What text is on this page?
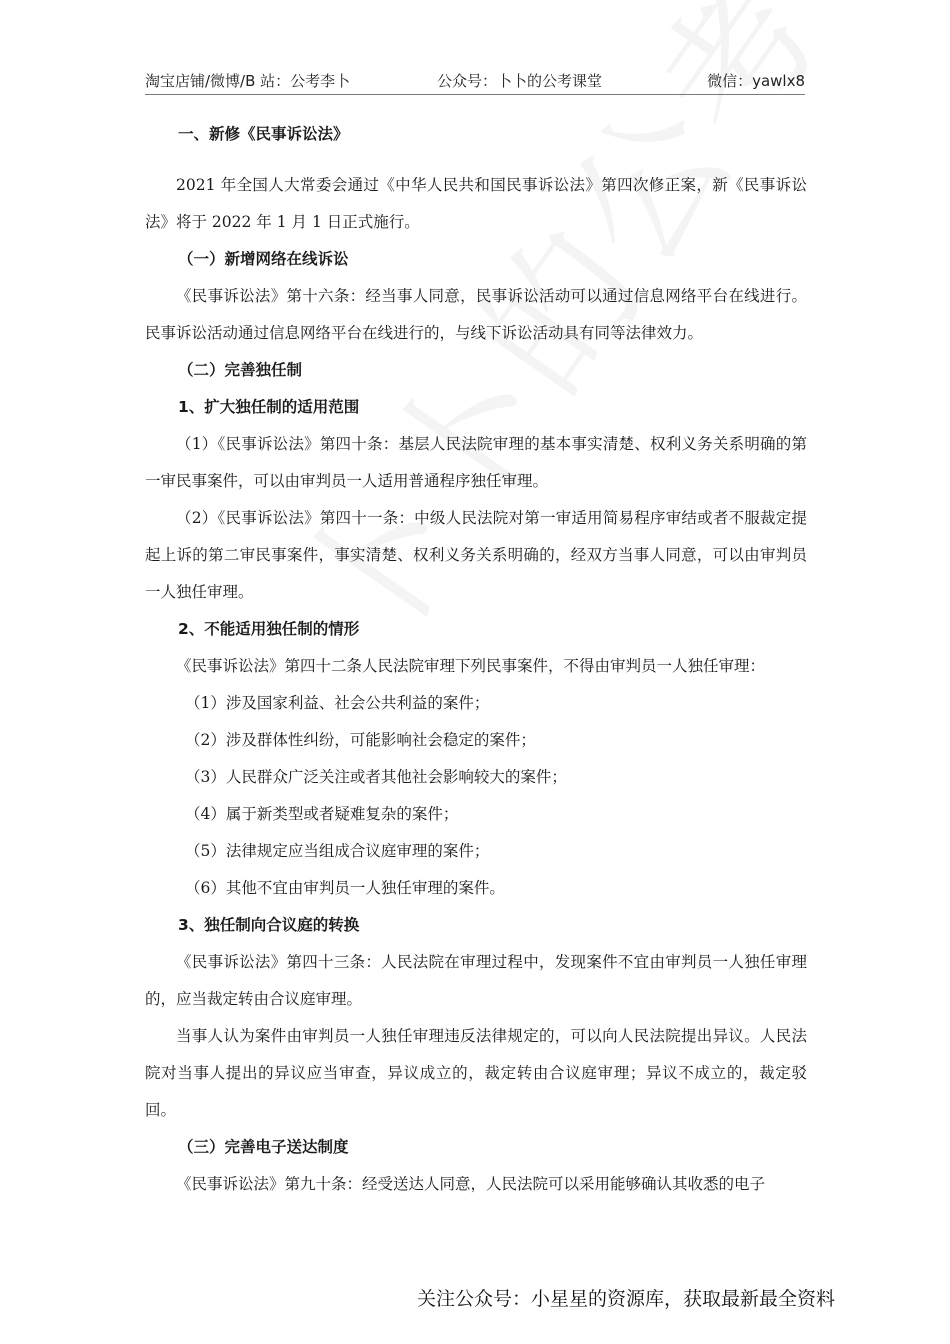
淘宝店铺/微博/B 站：公考李卜	公众号：卜卜的公考课堂	微信：yawlx8

一、新修《民事诉讼法》

2021 年全国人大常委会通过《中华人民共和国民事诉讼法》第四次修正案，新《民事诉讼法》将于 2022 年 1 月 1 日正式施行。

（一）新增网络在线诉讼

《民事诉讼法》第十六条：经当事人同意，民事诉讼活动可以通过信息网络平台在线进行。民事诉讼活动通过信息网络平台在线进行的，与线下诉讼活动具有同等法律效力。

（二）完善独任制

1、扩大独任制的适用范围

（1）《民事诉讼法》第四十条：基层人民法院审理的基本事实清楚、权利义务关系明确的第一审民事案件，可以由审判员一人适用普通程序独任审理。

（2）《民事诉讼法》第四十一条：中级人民法院对第一审适用简易程序审结或者不服裁定提起上诉的第二审民事案件，事实清楚、权利义务关系明确的，经双方当事人同意，可以由审判员一人独任审理。

2、不能适用独任制的情形

《民事诉讼法》第四十二条人民法院审理下列民事案件，不得由审判员一人独任审理：

（1）涉及国家利益、社会公共利益的案件；

（2）涉及群体性纠纷，可能影响社会稳定的案件；

（3）人民群众广泛关注或者其他社会影响较大的案件；

（4）属于新类型或者疑难复杂的案件；

（5）法律规定应当组成合议庭审理的案件；

（6）其他不宜由审判员一人独任审理的案件。

3、独任制向合议庭的转换

《民事诉讼法》第四十三条：人民法院在审理过程中，发现案件不宜由审判员一人独任审理的，应当裁定转由合议庭审理。

当事人认为案件由审判员一人独任审理违反法律规定的，可以向人民法院提出异议。人民法院对当事人提出的异议应当审查，异议成立的，裁定转由合议庭审理；异议不成立的，裁定驳回。

（三）完善电子送达制度

《民事诉讼法》第九十条：经受送达人同意，人民法院可以采用能够确认其收悉的电子

关注公众号：小星星的资源库，获取最新最全资料
